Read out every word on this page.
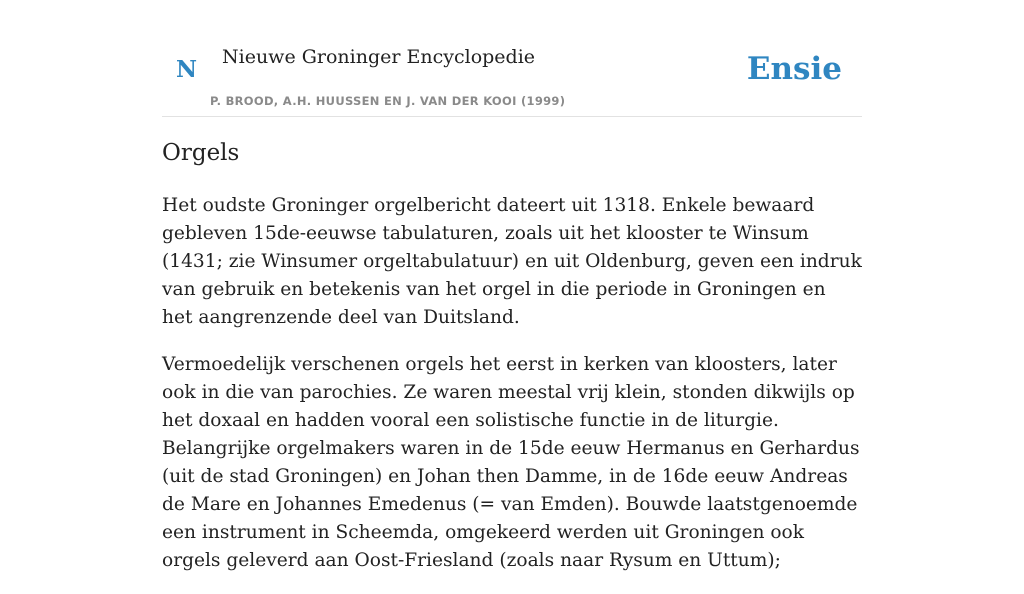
N Nieuwe Groninger Encyclopedie
P. BROOD, A.H. HUUSSEN EN J. VAN DER KOOI (1999)
Ensie
Orgels

Het oudste Groninger orgelbericht dateert uit 1318. Enkele bewaard gebleven 15de-eeuwse tabulaturen, zoals uit het klooster te Winsum (1431; zie Winsumer orgeltabulatuur) en uit Oldenburg, geven een indruk van gebruik en betekenis van het orgel in die periode in Groningen en het aangrenzende deel van Duitsland.

Vermoedelijk verschenen orgels het eerst in kerken van kloosters, later ook in die van parochies. Ze waren meestal vrij klein, stonden dikwijls op het doxaal en hadden vooral een solistische functie in de liturgie. Belangrijke orgelmakers waren in de 15de eeuw Hermanus en Gerhardus (uit de stad Groningen) en Johan then Damme, in de 16de eeuw Andreas de Mare en Johannes Emedenus (= van Emden). Bouwde laatstgenoemde een instrument in Scheemda, omgekeerd werden uit Groningen ook orgels geleverd aan Oost-Friesland (zoals naar Rysum en Uttum);
